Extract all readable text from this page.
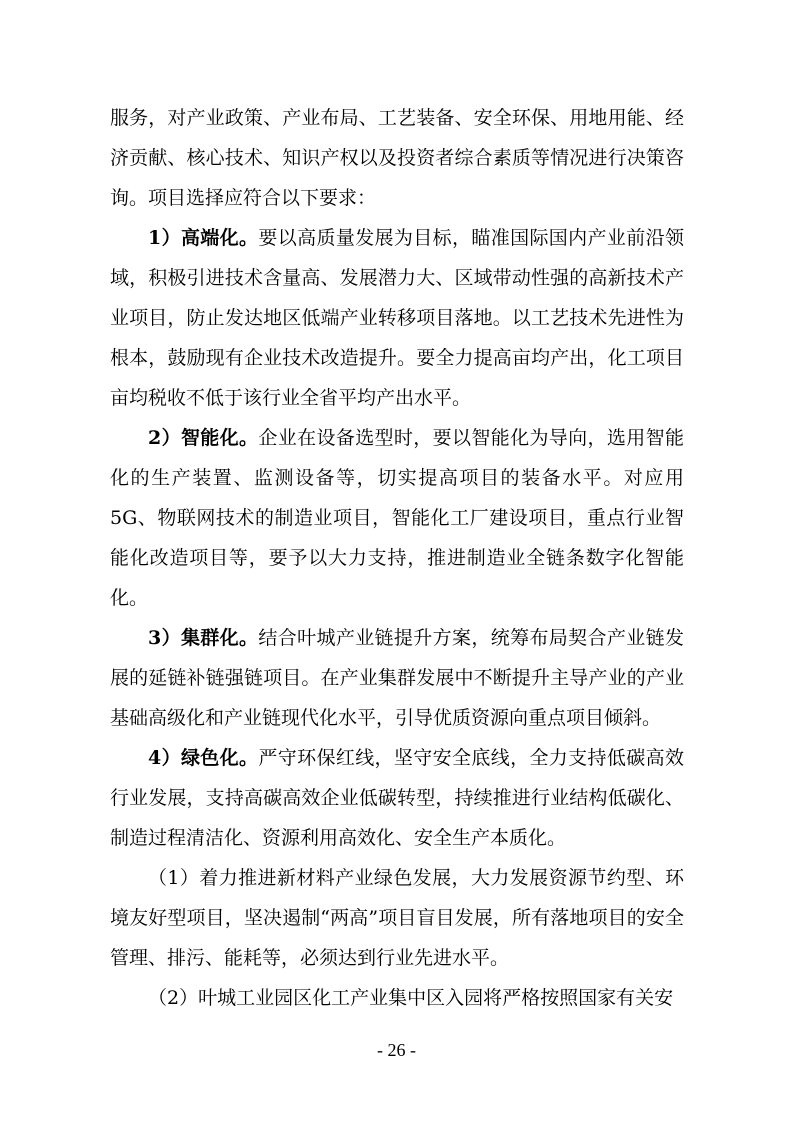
服务，对产业政策、产业布局、工艺装备、安全环保、用地用能、经济贡献、核心技术、知识产权以及投资者综合素质等情况进行决策咨询。项目选择应符合以下要求：

1）高端化。要以高质量发展为目标，瞄准国际国内产业前沿领域，积极引进技术含量高、发展潜力大、区域带动性强的高新技术产业项目，防止发达地区低端产业转移项目落地。以工艺技术先进性为根本，鼓励现有企业技术改造提升。要全力提高亩均产出，化工项目亩均税收不低于该行业全省平均产出水平。

2）智能化。企业在设备选型时，要以智能化为导向，选用智能化的生产装置、监测设备等，切实提高项目的装备水平。对应用 5G、物联网技术的制造业项目，智能化工厂建设项目，重点行业智能化改造项目等，要予以大力支持，推进制造业全链条数字化智能化。

3）集群化。结合叶城产业链提升方案，统筹布局契合产业链发展的延链补链强链项目。在产业集群发展中不断提升主导产业的产业基础高级化和产业链现代化水平，引导优质资源向重点项目倾斜。

4）绿色化。严守环保红线，坚守安全底线，全力支持低碳高效行业发展，支持高碳高效企业低碳转型，持续推进行业结构低碳化、制造过程清洁化、资源利用高效化、安全生产本质化。

（1）着力推进新材料产业绿色发展，大力发展资源节约型、环境友好型项目，坚决遏制“两高”项目盲目发展，所有落地项目的安全管理、排污、能耗等，必须达到行业先进水平。

（2）叶城工业园区化工产业集中区入园将严格按照国家有关安

- 26 -
